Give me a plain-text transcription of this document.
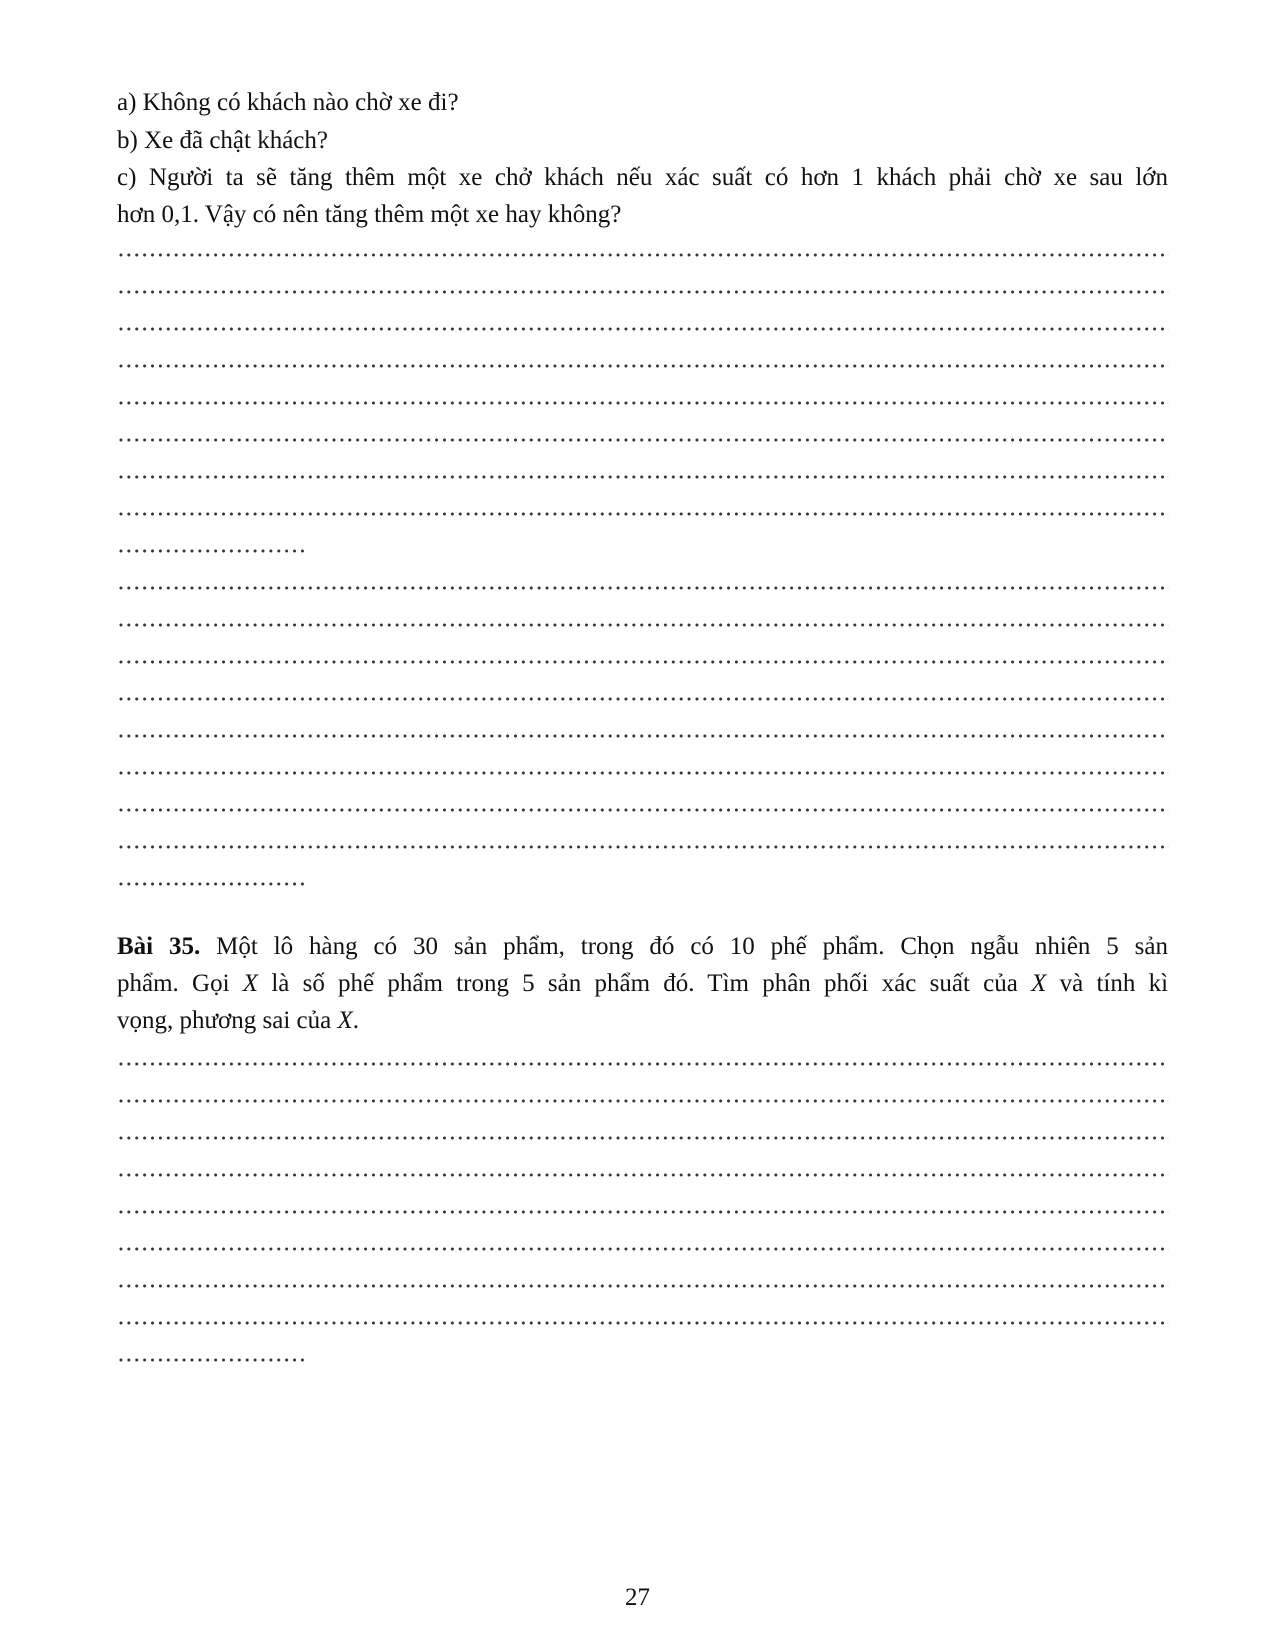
a) Không có khách nào chờ xe đi?
b) Xe đã chật khách?
c) Người ta sẽ tăng thêm một xe chở khách nếu xác suất có hơn 1 khách phải chờ xe sau lớn
hơn 0,1. Vậy có nên tăng thêm một xe hay không?
Bài 35. Một lô hàng có 30 sản phẩm, trong đó có 10 phế phẩm. Chọn ngẫu nhiên 5 sản
phẩm. Gọi X là số phế phẩm trong 5 sản phẩm đó. Tìm phân phối xác suất của X và tính kì
vọng, phương sai của X.
27
